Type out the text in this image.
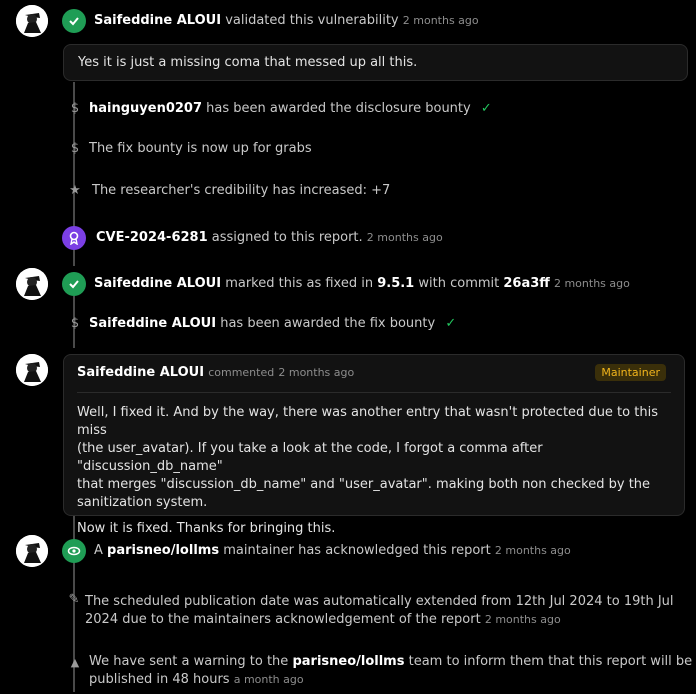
Saifeddine ALOUI validated this vulnerability 2 months ago
Yes it is just a missing coma that messed up all this.
$ hainguyen0207 has been awarded the disclosure bounty ✓
$ The fix bounty is now up for grabs
★ The researcher's credibility has increased: +7
CVE-2024-6281 assigned to this report. 2 months ago
Saifeddine ALOUI marked this as fixed in 9.5.1 with commit 26a3ff 2 months ago
$ Saifeddine ALOUI has been awarded the fix bounty ✓
Saifeddine ALOUI commented 2 months ago	Maintainer
Well, I fixed it. And by the way, there was another entry that wasn't protected due to this miss
(the user_avatar). If you take a look at the code, I forgot a comma after "discussion_db_name"
that merges "discussion_db_name" and "user_avatar". making both non checked by the
sanitization system.
Now it is fixed. Thanks for bringing this.
A parisneo/lollms maintainer has acknowledged this report 2 months ago
✎ The scheduled publication date was automatically extended from 12th Jul 2024 to 19th Jul
2024 due to the maintainers acknowledgement of the report 2 months ago
▲ We have sent a warning to the parisneo/lollms team to inform them that this report will be
published in 48 hours a month ago
